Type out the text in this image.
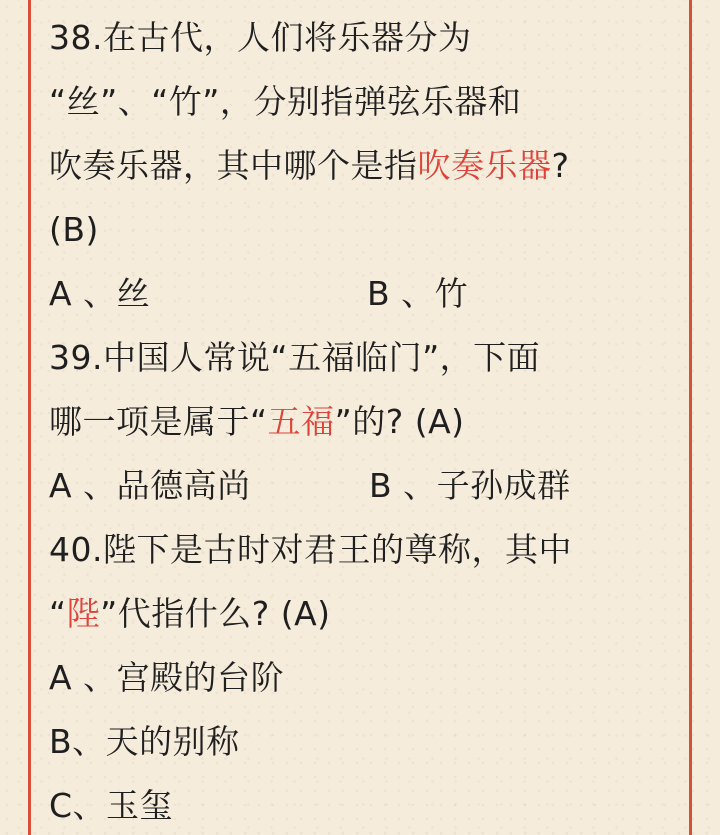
38.在古代，人们将乐器分为
“丝”、“竹”，分别指弹弦乐器和
吹奏乐器，其中哪个是指吹奏乐器?
(B)
A 、丝	B 、竹
39.中国人常说“五福临门”，下面
哪一项是属于“五福”的? (A)
A 、品德高尚	B 、子孙成群
40.陛下是古时对君王的尊称，其中
“陛”代指什么? (A)
A 、宫殿的台阶
B、天的别称
C、玉玺
